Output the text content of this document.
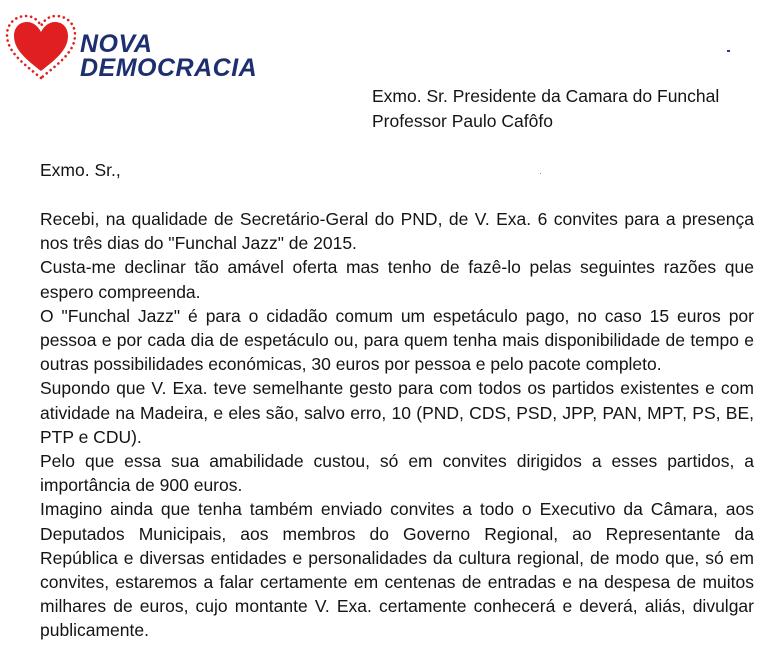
NOVA
DEMOCRACIA
Exmo. Sr. Presidente da Camara do Funchal
Professor Paulo Cafôfo
Exmo. Sr.,

Recebi, na qualidade de Secretário-Geral do PND, de V. Exa. 6 convites para a presença nos três dias do "Funchal Jazz" de 2015.

Custa-me declinar tão amável oferta mas tenho de fazê-lo pelas seguintes razões que espero compreenda.

O "Funchal Jazz" é para o cidadão comum um espetáculo pago, no caso 15 euros por pessoa e por cada dia de espetáculo ou, para quem tenha mais disponibilidade de tempo e outras possibilidades económicas, 30 euros por pessoa e pelo pacote completo.

Supondo que V. Exa. teve semelhante gesto para com todos os partidos existentes e com atividade na Madeira, e eles são, salvo erro, 10 (PND, CDS, PSD, JPP, PAN, MPT, PS, BE, PTP e CDU).

Pelo que essa sua amabilidade custou, só em convites dirigidos a esses partidos, a importância de 900 euros.

Imagino ainda que tenha também enviado convites a todo o Executivo da Câmara, aos Deputados Municipais, aos membros do Governo Regional, ao Representante da República e diversas entidades e personalidades da cultura regional, de modo que, só em convites, estaremos a falar certamente em centenas de entradas e na despesa de muitos milhares de euros, cujo montante V. Exa. certamente conhecerá e deverá, aliás, divulgar publicamente.
